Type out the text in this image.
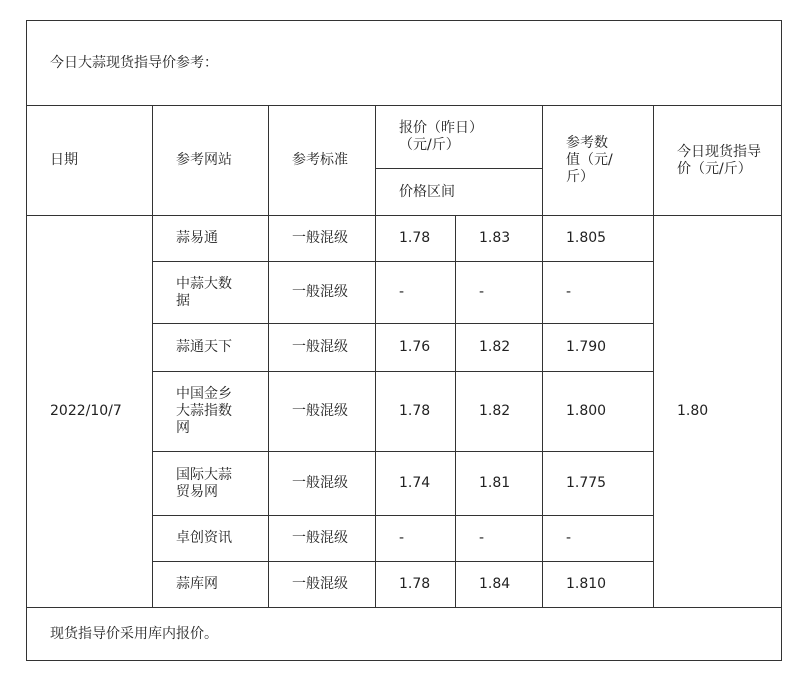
今日大蒜现货指导价参考：						
日期	参考网站	参考标准	报价（昨日）（元/斤）		参考数值（元/斤）	今日现货指导价（元/斤）
			价格区间			
2022/10/7	蒜易通	一般混级	1.78	1.83	1.805	1.80
	中蒜大数据	一般混级	-	-	-	
	蒜通天下	一般混级	1.76	1.82	1.790	
	中国金乡大蒜指数网	一般混级	1.78	1.82	1.800	
	国际大蒜贸易网	一般混级	1.74	1.81	1.775	
	卓创资讯	一般混级	-	-	-	
	蒜库网	一般混级	1.78	1.84	1.810	
现货指导价采用库内报价。						
